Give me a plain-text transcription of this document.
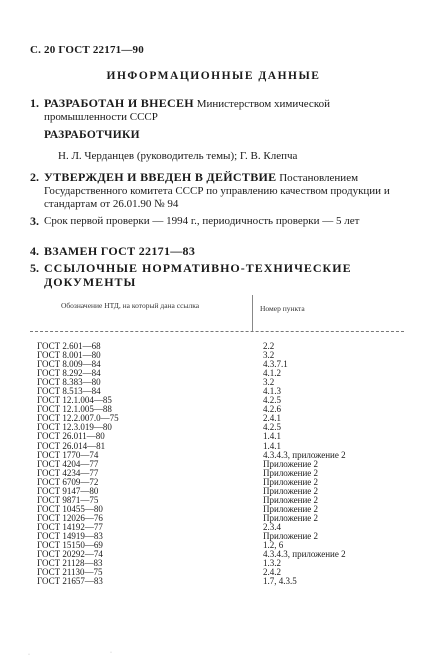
С. 20 ГОСТ 22171—90
ИНФОРМАЦИОННЫЕ ДАННЫЕ
1. РАЗРАБОТАН И ВНЕСЕН Министерством химической промышленности СССР
РАЗРАБОТЧИКИ
Н. Л. Черданцев (руководитель темы); Г. В. Клепча
2. УТВЕРЖДЕН И ВВЕДЕН В ДЕЙСТВИЕ Постановлением Государственного комитета СССР по управлению качеством продукции и стандартам от 26.01.90 № 94
3. Срок первой проверки — 1994 г., периодичность проверки — 5 лет
4. ВЗАМЕН ГОСТ 22171—83
5. ССЫЛОЧНЫЕ НОРМАТИВНО-ТЕХНИЧЕСКИЕ ДОКУМЕНТЫ
Обозначение НТД, на который дана ссылка	Номер пункта
ГОСТ 2.601—68	2.2
ГОСТ 8.001—80	3.2
ГОСТ 8.009—84	4.3.7.1
ГОСТ 8.292—84	4.1.2
ГОСТ 8.383—80	3.2
ГОСТ 8.513—84	4.1.3
ГОСТ 12.1.004—85	4.2.5
ГОСТ 12.1.005—88	4.2.6
ГОСТ 12.2.007.0—75	2.4.1
ГОСТ 12.3.019—80	4.2.5
ГОСТ 26.011—80	1.4.1
ГОСТ 26.014—81	1.4.1
ГОСТ 1770—74	4.3.4.3, приложение 2
ГОСТ 4204—77	Приложение 2
ГОСТ 4234—77	Приложение 2
ГОСТ 6709—72	Приложение 2
ГОСТ 9147—80	Приложение 2
ГОСТ 9871—75	Приложение 2
ГОСТ 10455—80	Приложение 2
ГОСТ 12026—76	Приложение 2
ГОСТ 14192—77	2.3.4
ГОСТ 14919—83	Приложение 2
ГОСТ 15150—69	1.2, 6
ГОСТ 20292—74	4.3.4.3, приложение 2
ГОСТ 21128—83	1.3.2
ГОСТ 21130—75	2.4.2
ГОСТ 21657—83	1.7, 4.3.5
·	·
